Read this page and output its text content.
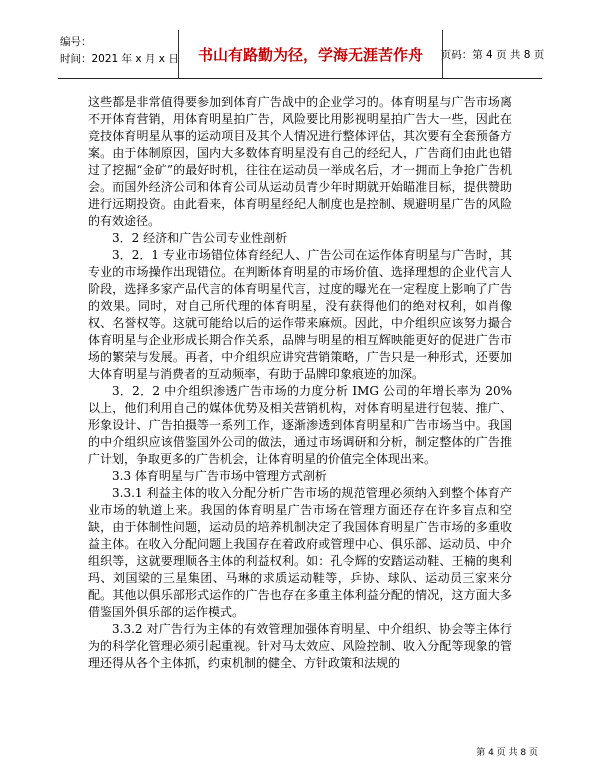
编号：
时间：2021 年 x 月 x 日	书山有路勤为径，学海无涯苦作舟	页码：第 4 页 共 8 页

这些都是非常值得要参加到体育广告战中的企业学习的。体育明星与广告市场离不开体育营销，用体育明星拍广告，风险要比用影视明星拍广告大一些，因此在竞技体育明星从事的运动项目及其个人情况进行整体评估，其次要有全套预备方案。由于体制原因，国内大多数体育明星没有自己的经纪人，广告商们由此也错过了挖掘“金矿”的最好时机，往往在运动员一举成名后，才一拥而上争抢广告机会。而国外经济公司和体育公司从运动员青少年时期就开始瞄准目标，提供赞助进行远期投资。由此看来，体育明星经纪人制度也是控制、规避明星广告的风险的有效途径。

3．2 经济和广告公司专业性剖析

3．2．1 专业市场错位体育经纪人、广告公司在运作体育明星与广告时，其专业的市场操作出现错位。在判断体育明星的市场价值、选择理想的企业代言人阶段，选择多家产品代言的体育明星代言，过度的曝光在一定程度上影响了广告的效果。同时，对自己所代理的体育明星，没有获得他们的绝对权利，如肖像权、名誉权等。这就可能给以后的运作带来麻烦。因此，中介组织应该努力撮合体育明星与企业形成长期合作关系，品牌与明星的相互辉映能更好的促进广告市场的繁荣与发展。再者，中介组织应讲究营销策略，广告只是一种形式，还要加大体育明星与消费者的互动频率，有助于品牌印象痕迹的加深。

3．2．2 中介组织渗透广告市场的力度分析 IMG 公司的年增长率为 20%以上，他们利用自己的媒体优势及相关营销机构，对体育明星进行包装、推广、形象设计、广告拍摄等一系列工作，逐渐渗透到体育明星和广告市场当中。我国的中介组织应该借鉴国外公司的做法，通过市场调研和分析，制定整体的广告推广计划，争取更多的广告机会，让体育明星的价值完全体现出来。

3.3 体育明星与广告市场中管理方式剖析

3.3.1 利益主体的收入分配分析广告市场的规范管理必须纳入到整个体育产业市场的轨道上来。我国的体育明星广告市场在管理方面还存在许多盲点和空缺，由于体制性问题，运动员的培养机制决定了我国体育明星广告市场的多重收益主体。在收入分配问题上我国存在着政府或管理中心、俱乐部、运动员、中介组织等，这就要理顺各主体的利益权利。如：孔令辉的安踏运动鞋、王楠的奥利玛、刘国梁的三星集团、马琳的求质运动鞋等，乒协、球队、运动员三家来分配。其他以俱乐部形式运作的广告也存在多重主体利益分配的情况，这方面大多借鉴国外俱乐部的运作模式。

3.3.2 对广告行为主体的有效管理加强体育明星、中介组织、协会等主体行为的科学化管理必须引起重视。针对马太效应、风险控制、收入分配等现象的管理还得从各个主体抓，约束机制的健全、方针政策和法规的

第 4 页 共 8 页
